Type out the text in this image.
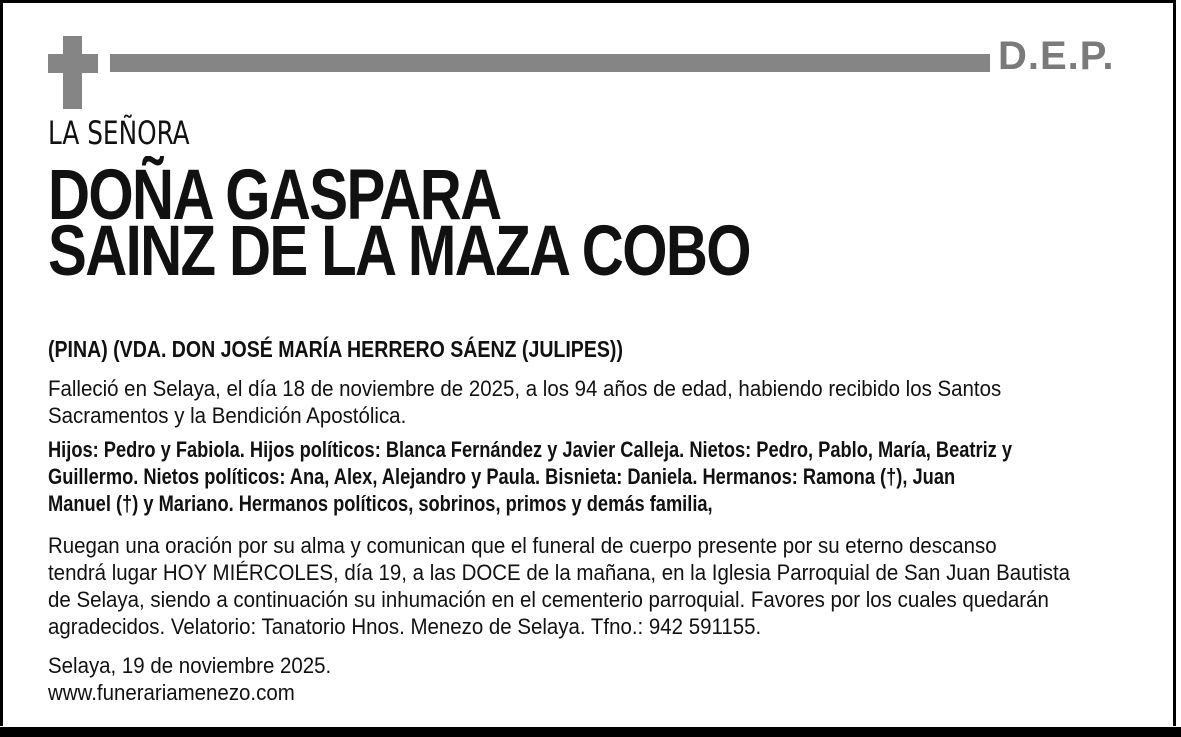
D.E.P.
LA SEÑORA
DOÑA GASPARA
SAINZ DE LA MAZA COBO
(PINA) (VDA. DON JOSÉ MARÍA HERRERO SÁENZ (JULIPES))
Falleció en Selaya, el día 18 de noviembre de 2025, a los 94 años de edad, habiendo recibido los Santos
Sacramentos y la Bendición Apostólica.
Hijos: Pedro y Fabiola. Hijos políticos: Blanca Fernández y Javier Calleja. Nietos: Pedro, Pablo, María, Beatriz y
Guillermo. Nietos políticos: Ana, Alex, Alejandro y Paula. Bisnieta: Daniela. Hermanos: Ramona (†), Juan
Manuel (†) y Mariano. Hermanos políticos, sobrinos, primos y demás familia,
Ruegan una oración por su alma y comunican que el funeral de cuerpo presente por su eterno descanso
tendrá lugar HOY MIÉRCOLES, día 19, a las DOCE de la mañana, en la Iglesia Parroquial de San Juan Bautista
de Selaya, siendo a continuación su inhumación en el cementerio parroquial. Favores por los cuales quedarán
agradecidos. Velatorio: Tanatorio Hnos. Menezo de Selaya. Tfno.: 942 591155.
Selaya, 19 de noviembre 2025.
www.funerariamenezo.com
